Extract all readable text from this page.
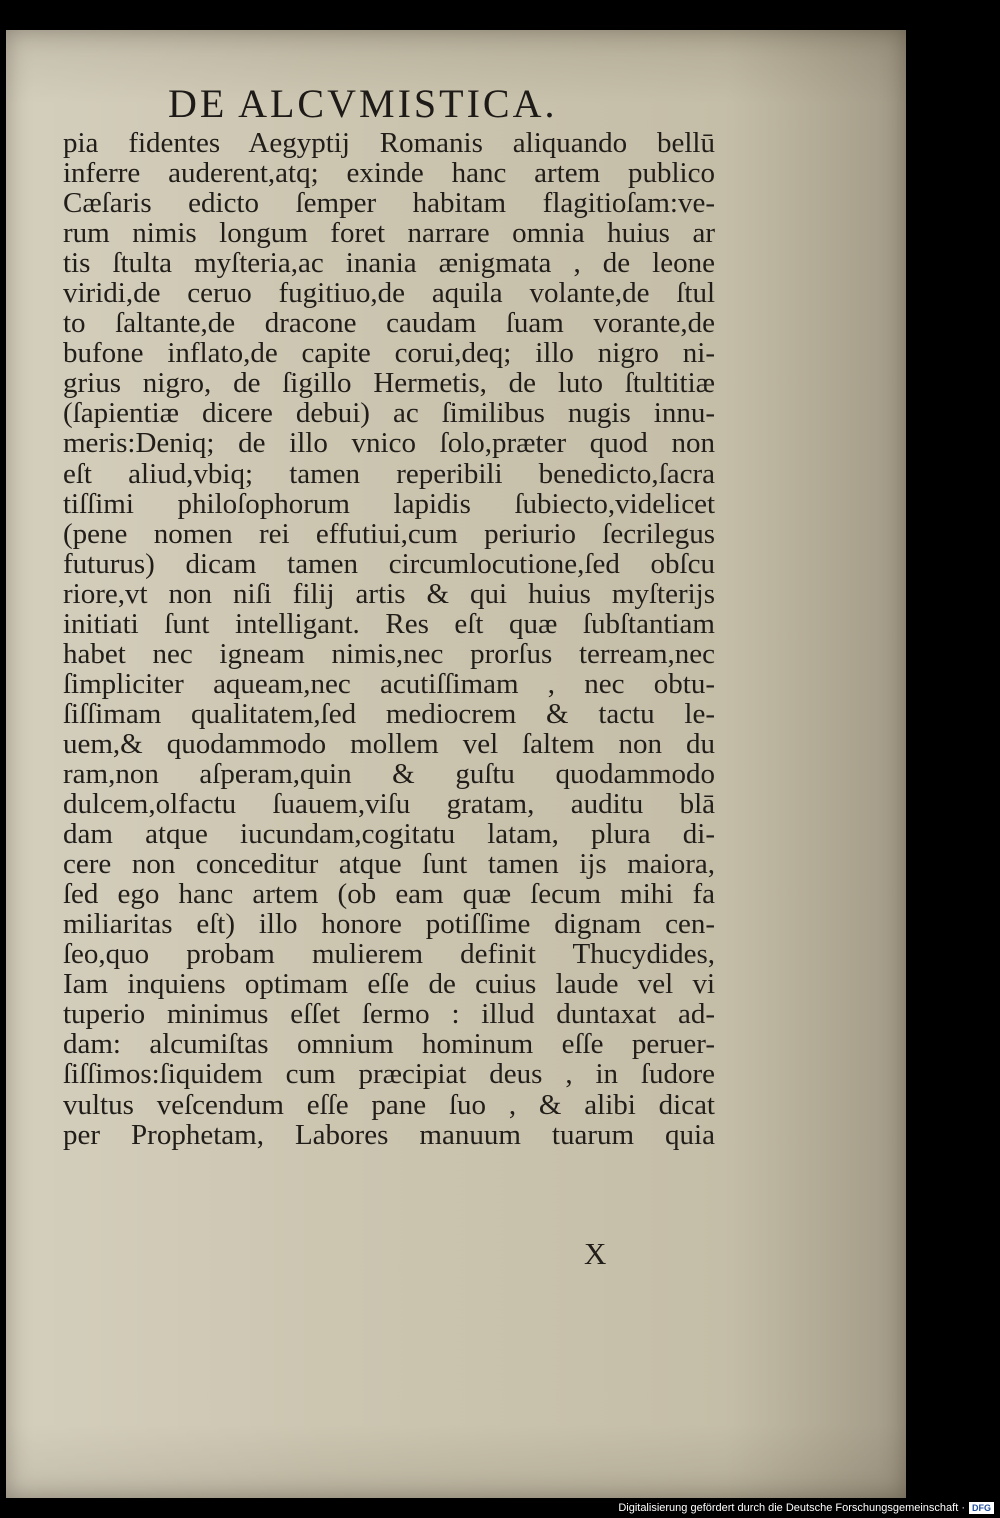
DE ALCVMISTICA.
pia fidentes Aegyptij Romanis aliquando bellū
inferre auderent,atq; exinde hanc artem publico
Cæſaris edicto ſemper habitam flagitioſam:ve-
rum nimis longum foret narrare omnia huius ar
tis ſtulta myſteria,ac inania ænigmata , de leone
viridi,de ceruo fugitiuo,de aquila volante,de ſtul
to ſaltante,de dracone caudam ſuam vorante,de
bufone inflato,de capite corui,deq; illo nigro ni-
grius nigro, de ſigillo Hermetis, de luto ſtultitiæ
(ſapientiæ dicere debui) ac ſimilibus nugis innu-
meris:Deniq; de illo vnico ſolo,præter quod non
eſt aliud,vbiq; tamen reperibili benedicto,ſacra
tiſſimi philoſophorum lapidis ſubiecto,videlicet
(pene nomen rei effutiui,cum periurio ſecrilegus
futurus) dicam tamen circumlocutione,ſed obſcu
riore,vt non niſi filij artis & qui huius myſterijs
initiati ſunt intelligant. Res eſt quæ ſubſtantiam
habet nec igneam nimis,nec prorſus terream,nec
ſimpliciter aqueam,nec acutiſſimam , nec obtu-
ſiſſimam qualitatem,ſed mediocrem & tactu le-
uem,& quodammodo mollem vel ſaltem non du
ram,non aſperam,quin & guſtu quodammodo
dulcem,olfactu ſuauem,viſu gratam, auditu blā
dam atque iucundam,cogitatu latam, plura di-
cere non conceditur atque ſunt tamen ijs maiora,
ſed ego hanc artem (ob eam quæ ſecum mihi fa
miliaritas eſt) illo honore potiſſime dignam cen-
ſeo,quo probam mulierem definit Thucydides,
Iam inquiens optimam eſſe de cuius laude vel vi
tuperio minimus eſſet ſermo : illud duntaxat ad-
dam: alcumiſtas omnium hominum eſſe peruer-
ſiſſimos:ſiquidem cum præcipiat deus , in ſudore
vultus veſcendum eſſe pane ſuo , & alibi dicat
per Prophetam, Labores manuum tuarum quia
X
Digitalisierung gefördert durch die Deutsche Forschungsgemeinschaft · DFG
